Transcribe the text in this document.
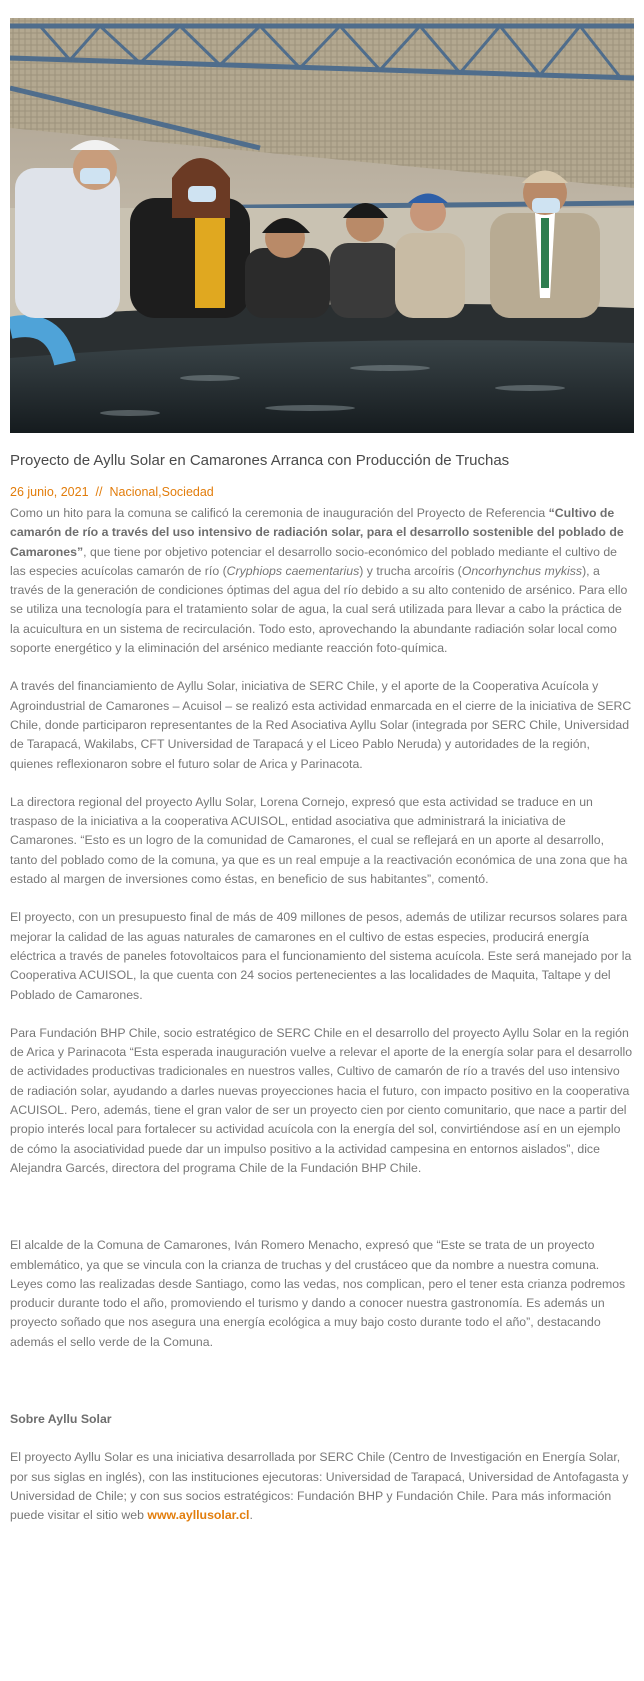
Proyecto de Ayllu Solar en Camarones Arranca con Producción de Truchas
26 junio, 2021 // Nacional,Sociedad

Como un hito para la comuna se calificó la ceremonia de inauguración del Proyecto de Referencia “Cultivo de camarón de río a través del uso intensivo de radiación solar, para el desarrollo sostenible del poblado de Camarones”, que tiene por objetivo potenciar el desarrollo socio-económico del poblado mediante el cultivo de las especies acuícolas camarón de río (Cryphiops caementarius) y trucha arcoíris (Oncorhynchus mykiss), a través de la generación de condiciones óptimas del agua del río debido a su alto contenido de arsénico. Para ello se utiliza una tecnología para el tratamiento solar de agua, la cual será utilizada para llevar a cabo la práctica de la acuicultura en un sistema de recirculación. Todo esto, aprovechando la abundante radiación solar local como soporte energético y la eliminación del arsénico mediante reacción foto-química.

A través del financiamiento de Ayllu Solar, iniciativa de SERC Chile, y el aporte de la Cooperativa Acuícola y Agroindustrial de Camarones – Acuisol – se realizó esta actividad enmarcada en el cierre de la iniciativa de SERC Chile, donde participaron representantes de la Red Asociativa Ayllu Solar (integrada por SERC Chile, Universidad de Tarapacá, Wakilabs, CFT Universidad de Tarapacá y el Liceo Pablo Neruda) y autoridades de la región, quienes reflexionaron sobre el futuro solar de Arica y Parinacota.

La directora regional del proyecto Ayllu Solar, Lorena Cornejo, expresó que esta actividad se traduce en un traspaso de la iniciativa a la cooperativa ACUISOL, entidad asociativa que administrará la iniciativa de Camarones. “Esto es un logro de la comunidad de Camarones, el cual se reflejará en un aporte al desarrollo, tanto del poblado como de la comuna, ya que es un real empuje a la reactivación económica de una zona que ha estado al margen de inversiones como éstas, en beneficio de sus habitantes”, comentó.

El proyecto, con un presupuesto final de más de 409 millones de pesos, además de utilizar recursos solares para mejorar la calidad de las aguas naturales de camarones en el cultivo de estas especies, producirá energía eléctrica a través de paneles fotovoltaicos para el funcionamiento del sistema acuícola. Este será manejado por la Cooperativa ACUISOL, la que cuenta con 24 socios pertenecientes a las localidades de Maquita, Taltape y del Poblado de Camarones.

Para Fundación BHP Chile, socio estratégico de SERC Chile en el desarrollo del proyecto Ayllu Solar en la región de Arica y Parinacota “Esta esperada inauguración vuelve a relevar el aporte de la energía solar para el desarrollo de actividades productivas tradicionales en nuestros valles, Cultivo de camarón de río a través del uso intensivo de radiación solar, ayudando a darles nuevas proyecciones hacia el futuro, con impacto positivo en la cooperativa ACUISOL. Pero, además, tiene el gran valor de ser un proyecto cien por ciento comunitario, que nace a partir del propio interés local para fortalecer su actividad acuícola con la energía del sol, convirtiéndose así en un ejemplo de cómo la asociatividad puede dar un impulso positivo a la actividad campesina en entornos aislados”, dice Alejandra Garcés, directora del programa Chile de la Fundación BHP Chile.

El alcalde de la Comuna de Camarones, Iván Romero Menacho, expresó que “Este se trata de un proyecto emblemático, ya que se vincula con la crianza de truchas y del crustáceo que da nombre a nuestra comuna. Leyes como las realizadas desde Santiago, como las vedas, nos complican, pero el tener esta crianza podremos producir durante todo el año, promoviendo el turismo y dando a conocer nuestra gastronomía. Es además un proyecto soñado que nos asegura una energía ecológica a muy bajo costo durante todo el año”, destacando además el sello verde de la Comuna.

Sobre Ayllu Solar

El proyecto Ayllu Solar es una iniciativa desarrollada por SERC Chile (Centro de Investigación en Energía Solar, por sus siglas en inglés), con las instituciones ejecutoras: Universidad de Tarapacá, Universidad de Antofagasta y Universidad de Chile; y con sus socios estratégicos: Fundación BHP y Fundación Chile. Para más información puede visitar el sitio web www.ayllusolar.cl.
